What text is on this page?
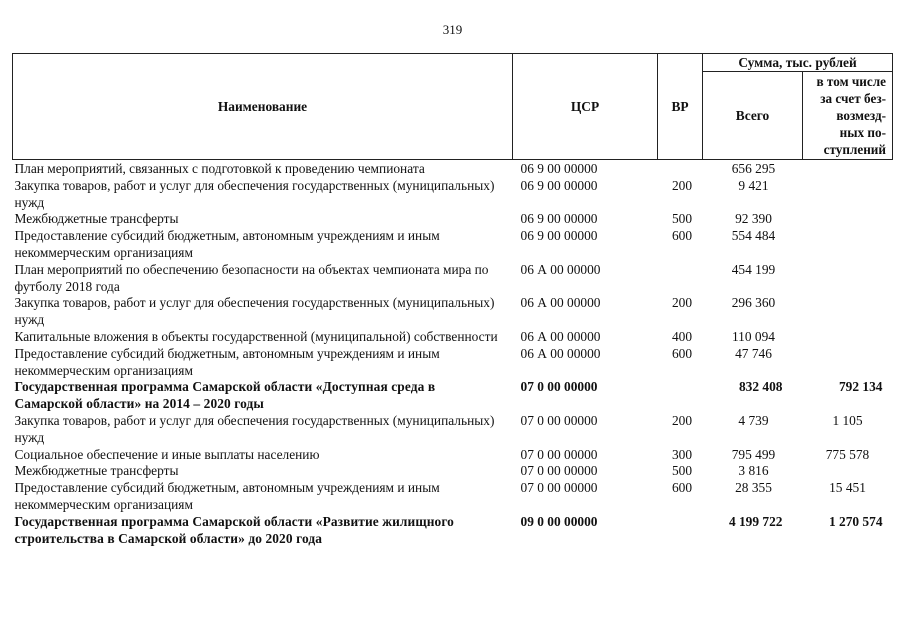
319
Наименование	ЦСР	ВР	Сумма, тыс. рублей	
			Всего	в том числе
за счет без-
возмезд-
ных по-
ступлений

План мероприятий, связанных с подготовкой к проведению чемпионата	06 9 00 00000		656 295	
Закупка товаров, работ и услуг для обеспечения государственных (муниципальных) нужд	06 9 00 00000	200	9 421	
Межбюджетные трансферты	06 9 00 00000	500	92 390	
Предоставление субсидий бюджетным, автономным учреждениям и иным некоммерческим организациям	06 9 00 00000	600	554 484	
План мероприятий по обеспечению безопасности на объектах чемпионата мира по футболу 2018 года	06 А 00 00000		454 199	
Закупка товаров, работ и услуг для обеспечения государственных (муниципальных) нужд	06 А 00 00000	200	296 360	
Капитальные вложения в объекты государственной (муниципальной) собственности	06 А 00 00000	400	110 094	
Предоставление субсидий бюджетным, автономным учреждениям и иным некоммерческим организациям	06 А 00 00000	600	47 746	
Государственная программа Самарской области «Доступная среда в Самарской области» на 2014 – 2020 годы	07 0 00 00000		832 408	792 134
Закупка товаров, работ и услуг для обеспечения государственных (муниципальных) нужд	07 0 00 00000	200	4 739	1 105
Социальное обеспечение и иные выплаты населению	07 0 00 00000	300	795 499	775 578
Межбюджетные трансферты	07 0 00 00000	500	3 816	
Предоставление субсидий бюджетным, автономным учреждениям и иным некоммерческим организациям	07 0 00 00000	600	28 355	15 451
Государственная программа Самарской области «Развитие жилищного строительства в Самарской области» до 2020 года	09 0 00 00000		4 199 722	1 270 574
